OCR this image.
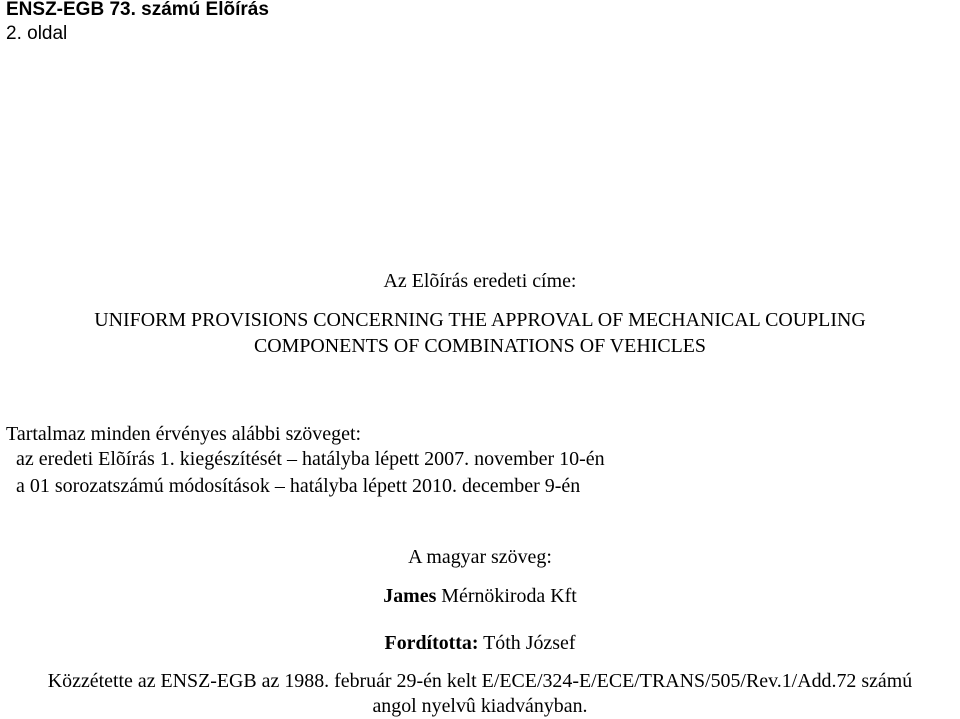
ENSZ-EGB 73. számú Elõírás
2. oldal
Az Elõírás eredeti címe:
UNIFORM PROVISIONS CONCERNING THE APPROVAL OF MECHANICAL COUPLING
COMPONENTS OF COMBINATIONS OF VEHICLES
Tartalmaz minden érvényes alábbi szöveget:
az eredeti Elõírás 1. kiegészítését – hatályba lépett 2007. november 10-én
a 01 sorozatszámú módosítások – hatályba lépett 2010. december 9-én
A magyar szöveg:
James Mérnökiroda Kft
Fordította: Tóth József
Közzétette az ENSZ-EGB az 1988. február 29-én kelt E/ECE/324-E/ECE/TRANS/505/Rev.1/Add.72 számú
angol nyelvû kiadványban.
